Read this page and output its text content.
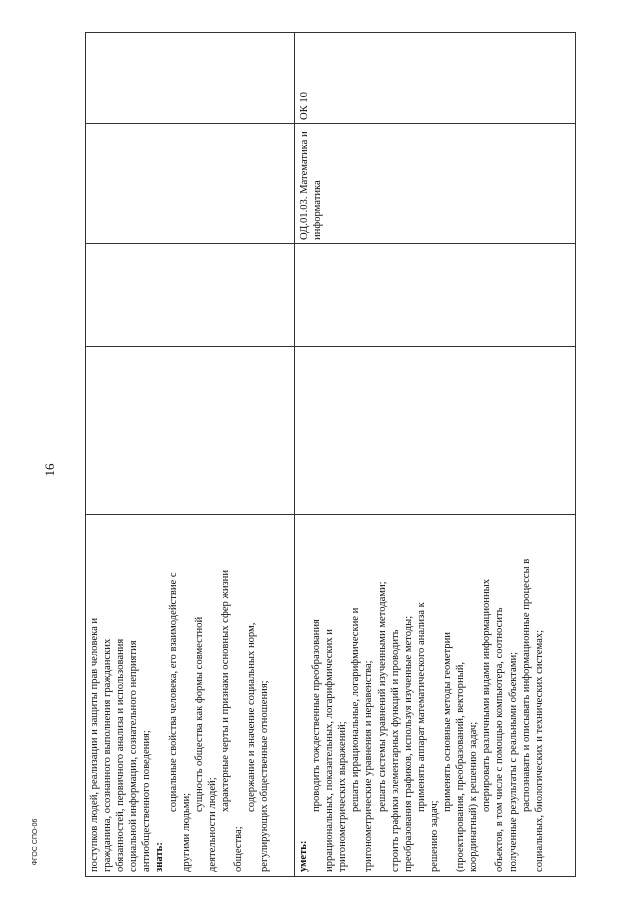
16
ФГОС СПО-06	поступков людей, реализации и защиты прав человека и гражданина, осознанного выполнения гражданских обязанностей, первичного анализа и использования социальной информации, сознательного неприятия антиобщественного поведения; знать:
социальные свойства человека, его взаимодействие с
другими людьми;
сущность общества как формы совместной
деятельности людей;
характерные черты и признаки основных сфер жизни
общества;
содержание и значение социальных норм, регулирующих общественные отношения;	уметь:
проводить тождественные преобразования иррациональных, показательных, логарифмических и тригонометрических выражений; решать иррациональные, логарифмические и тригонометрические уравнения и неравенства; решать системы уравнений изученными методами; строить графики элементарных функций и проводить преобразования графиков, используя изученные методы; применять аппарат математического анализа к
решению задач;
применять основные методы геометрии (проектирования, преобразований, векторный, координатный) к решению задач; оперировать различными видами информационных объектов, в том числе с помощью компьютера, соотносить полученные результаты с реальными объектами; распознавать и описывать информационные процессы в социальных, биологических и технических системах;
ОД.01.03. Математика и информатика
ОК 10
